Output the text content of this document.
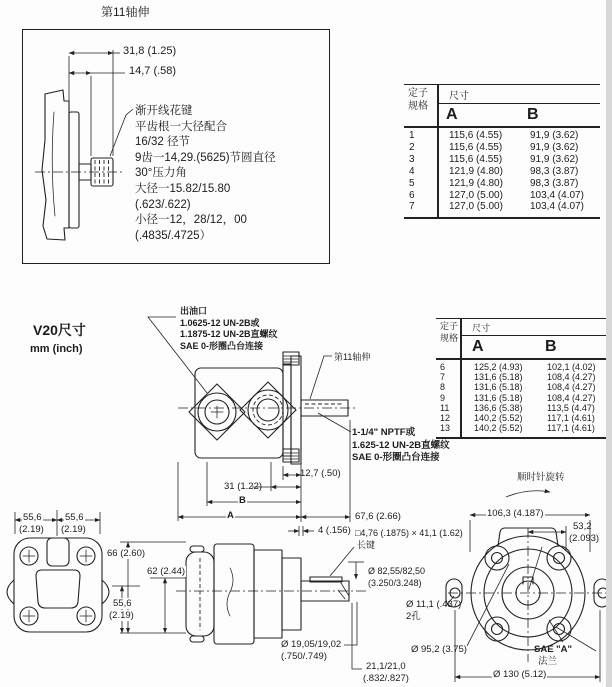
第11轴伸
31,8 (1.25)
14,7 (.58)
渐开线花键
平齿根一大径配合
16/32 径节
9齿一14,29.(5625)节圆直径
30°压力角
大径一15.82/15.80
(.623/.622)
小径一12，28/12，00
(.4835/.4725）
定子
规格
尺寸
A	B
1	115,6 (4.55)	91,9 (3.62)
2	115,6 (4.55)	91,9 (3.62)
3	115,6 (4.55)	91,9 (3.62)
4	121,9 (4.80)	98,3 (3.87)
5	121,9 (4.80)	98,3 (3.87)
6	127,0 (5.00)	103,4 (4.07)
7	127,0 (5.00)	103,4 (4.07)
V20尺寸
mm (inch)
出油口
1.0625-12 UN-2B或
1.1875-12 UN-2B直螺纹
SAE 0-形圈凸台连接
第11轴伸
1-1/4" NPTF或
1.625-12 UN-2B直螺纹
SAE 0-形圈凸台连接
定子
规格
尺寸
A	B
6	125,2 (4.93)	102,1 (4.02)
7	131,6 (5.18)	108,4 (4.27)
8	131,6 (5.18)	108,4 (4.27)
9	131,6 (5.18)	108,4 (4.27)
11	136,6 (5.38)	113,5 (4.47)
12	140,2 (5.52)	117,1 (4.61)
13	140,2 (5.52)	117,1 (4.61)
12,7 (.50)
31 (1.22)
B
A
4 (.156)
67,6 (2.66)
□4,76 (.1875) × 41,1 (1.62)
长键
Ø 82,55/82,50
(3.250/3.248)
Ø 19,05/19,02
(.750/.749)
21,1/21,0
(.832/.827)
55,6
(2.19)
55,6
(2.19)
66 (2.60)
62 (2.44)
55,6
(2.19)
顺时针旋转
106,3 (4.187)
53,2
(2.093)
Ø 11,1 (.437)
2孔
Ø 95,2 (3.75)	SAE "A"
法兰
Ø 130 (5.12)
